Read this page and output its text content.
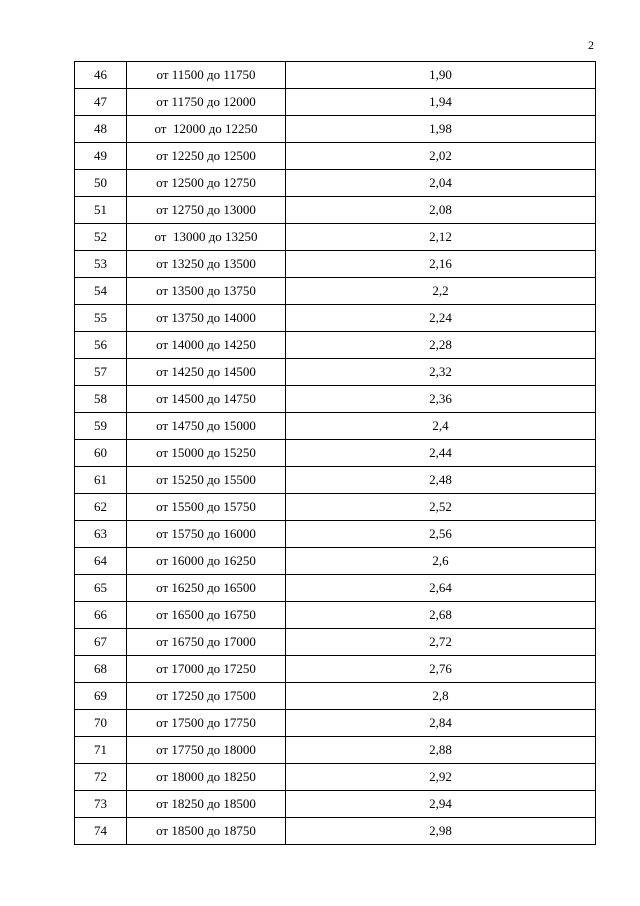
2
46	от 11500 до 11750	1,90
47	от 11750 до 12000	1,94
48	от  12000 до 12250	1,98
49	от 12250 до 12500	2,02
50	от 12500 до 12750	2,04
51	от 12750 до 13000	2,08
52	от  13000 до 13250	2,12
53	от 13250 до 13500	2,16
54	от 13500 до 13750	2,2
55	от 13750 до 14000	2,24
56	от 14000 до 14250	2,28
57	от 14250 до 14500	2,32
58	от 14500 до 14750	2,36
59	от 14750 до 15000	2,4
60	от 15000 до 15250	2,44
61	от 15250 до 15500	2,48
62	от 15500 до 15750	2,52
63	от 15750 до 16000	2,56
64	от 16000 до 16250	2,6
65	от 16250 до 16500	2,64
66	от 16500 до 16750	2,68
67	от 16750 до 17000	2,72
68	от 17000 до 17250	2,76
69	от 17250 до 17500	2,8
70	от 17500 до 17750	2,84
71	от 17750 до 18000	2,88
72	от 18000 до 18250	2,92
73	от 18250 до 18500	2,94
74	от 18500 до 18750	2,98
